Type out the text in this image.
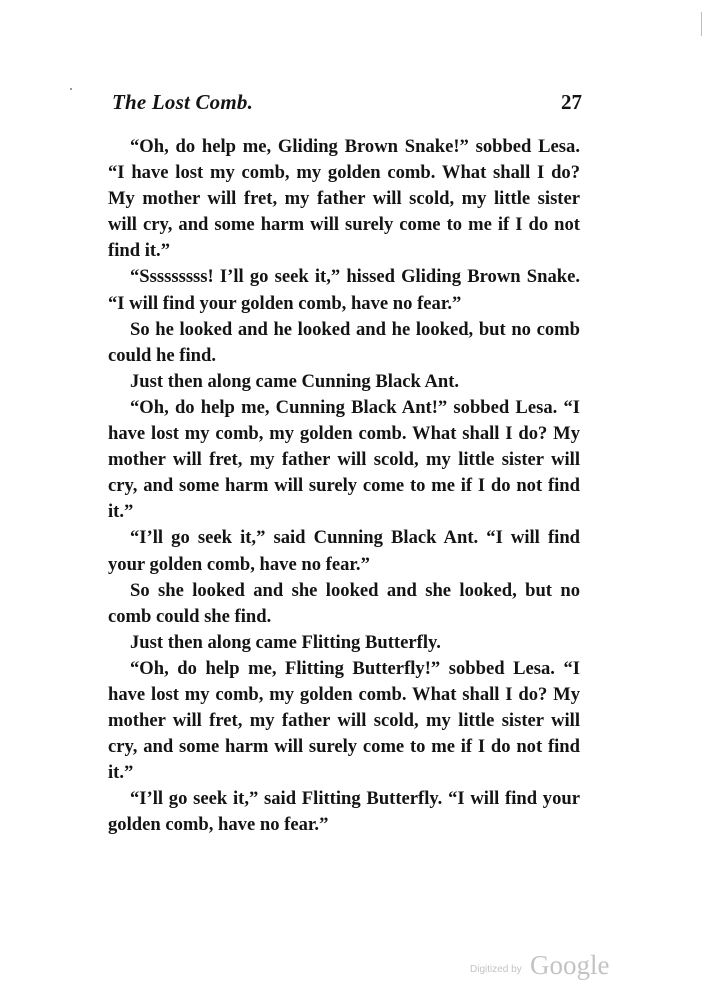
The Lost Comb.	27

“Oh, do help me, Gliding Brown Snake!” sobbed Lesa. “I have lost my comb, my golden comb. What shall I do? My mother will fret, my father will scold, my little sister will cry, and some harm will surely come to me if I do not find it.”

“Sssssssss! I’ll go seek it,” hissed Gliding Brown Snake. “I will find your golden comb, have no fear.”

So he looked and he looked and he looked, but no comb could he find.

Just then along came Cunning Black Ant.

“Oh, do help me, Cunning Black Ant!” sobbed Lesa. “I have lost my comb, my golden comb. What shall I do? My mother will fret, my father will scold, my little sister will cry, and some harm will surely come to me if I do not find it.”

“I’ll go seek it,” said Cunning Black Ant. “I will find your golden comb, have no fear.”

So she looked and she looked and she looked, but no comb could she find.

Just then along came Flitting Butterfly.

“Oh, do help me, Flitting Butterfly!” sobbed Lesa. “I have lost my comb, my golden comb. What shall I do? My mother will fret, my father will scold, my little sister will cry, and some harm will surely come to me if I do not find it.”

“I’ll go seek it,” said Flitting Butterfly. “I will find your golden comb, have no fear.”

Digitized by Google
